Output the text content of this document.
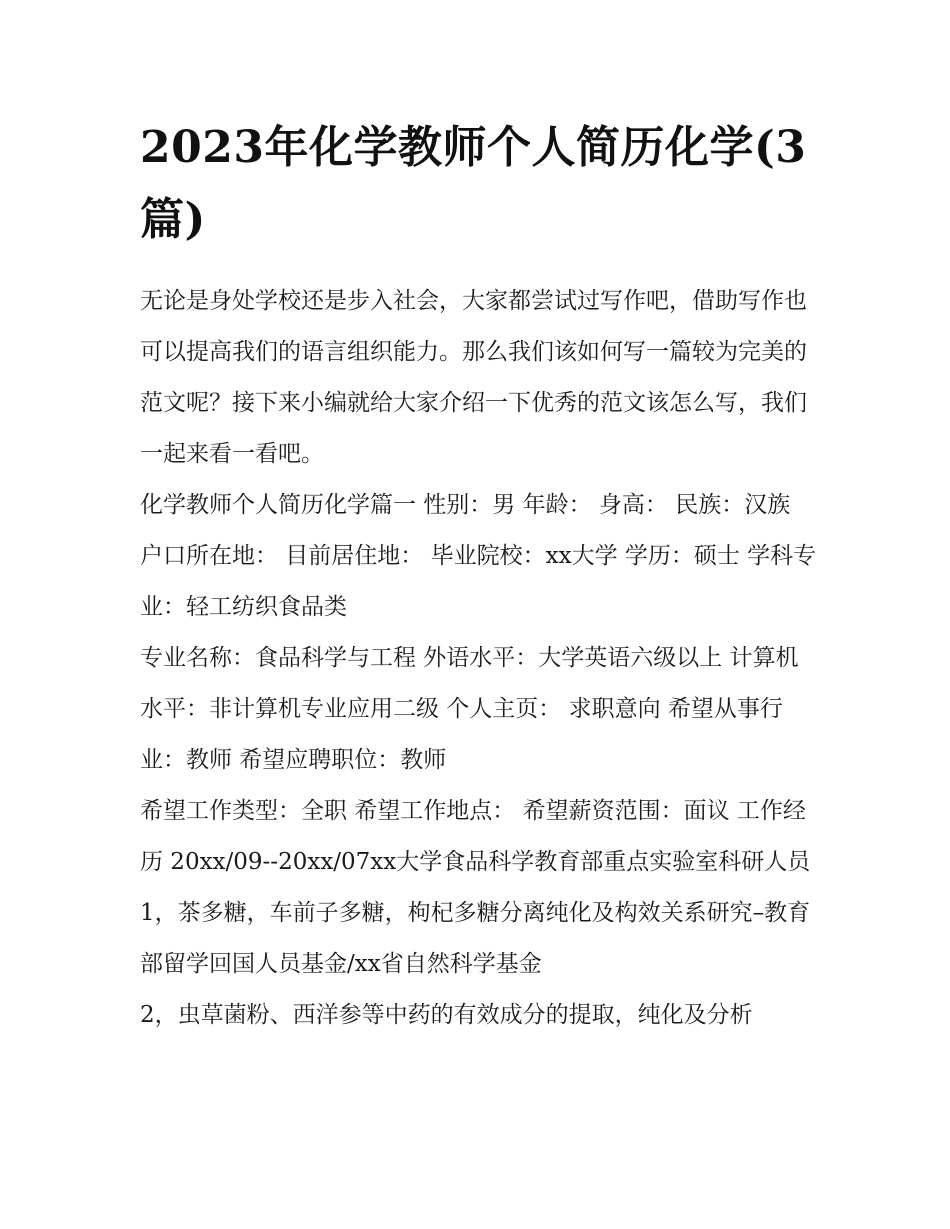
2023年化学教师个人简历化学(3篇)

无论是身处学校还是步入社会，大家都尝试过写作吧，借助写作也可以提高我们的语言组织能力。那么我们该如何写一篇较为完美的范文呢？接下来小编就给大家介绍一下优秀的范文该怎么写，我们一起来看一看吧。

化学教师个人简历化学篇一 性别：男 年龄： 身高： 民族：汉族 户口所在地： 目前居住地： 毕业院校：xx大学 学历：硕士 学科专业：轻工纺织食品类

专业名称：食品科学与工程 外语水平：大学英语六级以上 计算机水平：非计算机专业应用二级 个人主页： 求职意向 希望从事行业：教师 希望应聘职位：教师

希望工作类型：全职 希望工作地点： 希望薪资范围：面议 工作经历 20xx/09--20xx/07xx大学食品科学教育部重点实验室科研人员

1，茶多糖，车前子多糖，枸杞多糖分离纯化及构效关系研究–教育部留学回国人员基金/xx省自然科学基金

2，虫草菌粉、西洋参等中药的有效成分的提取，纯化及分析
